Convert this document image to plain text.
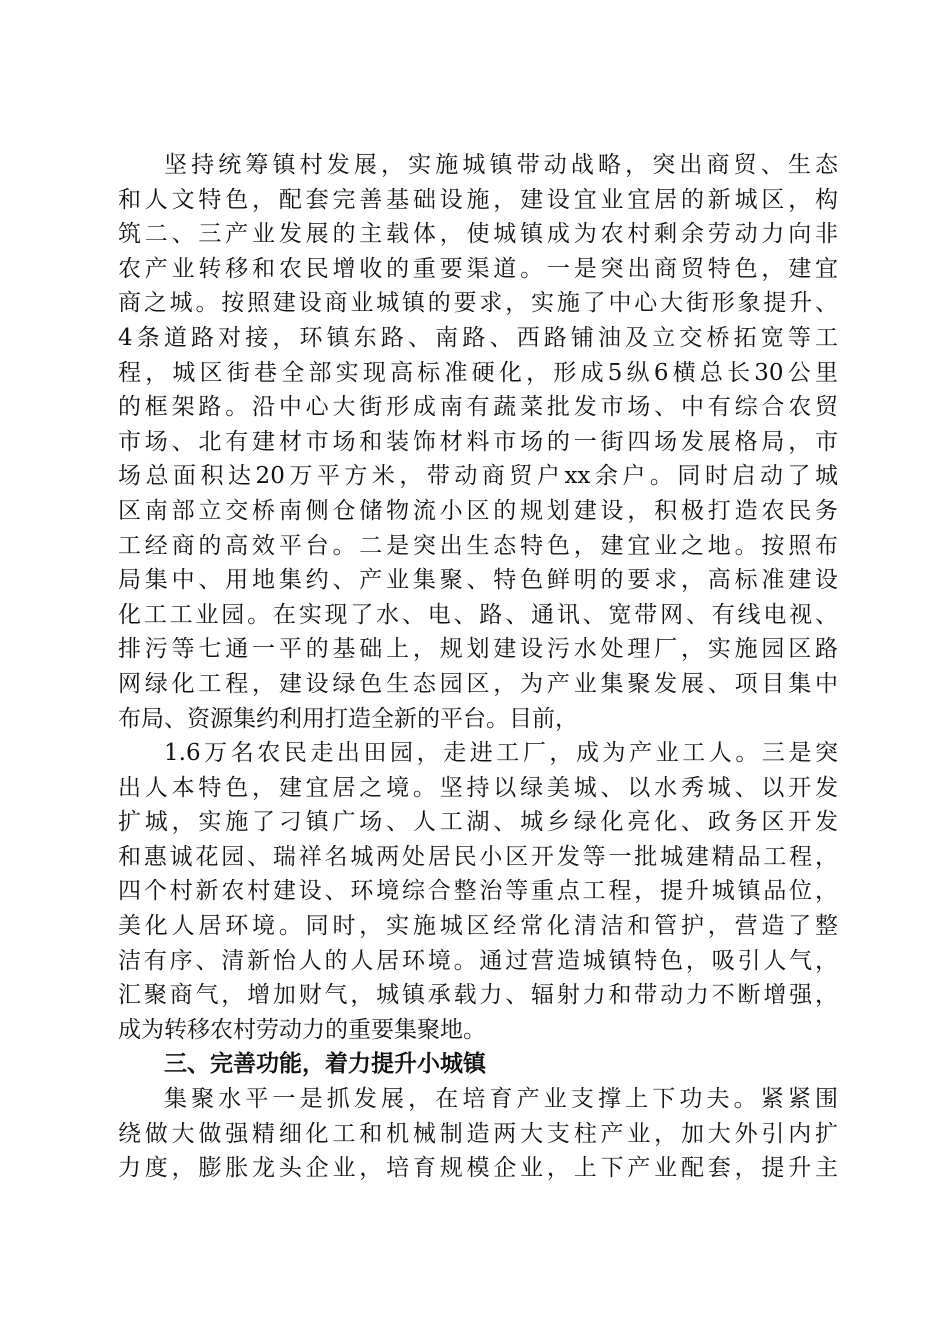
坚持统筹镇村发展，实施城镇带动战略，突出商贸、生态
和人文特色，配套完善基础设施，建设宜业宜居的新城区，构
筑二、三产业发展的主载体，使城镇成为农村剩余劳动力向非
农产业转移和农民增收的重要渠道。一是突出商贸特色，建宜
商之城。按照建设商业城镇的要求，实施了中心大街形象提升、
4条道路对接，环镇东路、南路、西路铺油及立交桥拓宽等工
程，城区街巷全部实现高标准硬化，形成5纵6横总长30公里
的框架路。沿中心大街形成南有蔬菜批发市场、中有综合农贸
市场、北有建材市场和装饰材料市场的一街四场发展格局，市
场总面积达20万平方米，带动商贸户xx余户。同时启动了城
区南部立交桥南侧仓储物流小区的规划建设，积极打造农民务
工经商的高效平台。二是突出生态特色，建宜业之地。按照布
局集中、用地集约、产业集聚、特色鲜明的要求，高标准建设
化工工业园。在实现了水、电、路、通讯、宽带网、有线电视、
排污等七通一平的基础上，规划建设污水处理厂，实施园区路
网绿化工程，建设绿色生态园区，为产业集聚发展、项目集中
布局、资源集约利用打造全新的平台。目前，
1.6万名农民走出田园，走进工厂，成为产业工人。三是突
出人本特色，建宜居之境。坚持以绿美城、以水秀城、以开发
扩城，实施了刁镇广场、人工湖、城乡绿化亮化、政务区开发
和惠诚花园、瑞祥名城两处居民小区开发等一批城建精品工程，
四个村新农村建设、环境综合整治等重点工程，提升城镇品位，
美化人居环境。同时，实施城区经常化清洁和管护，营造了整
洁有序、清新怡人的人居环境。通过营造城镇特色，吸引人气，
汇聚商气，增加财气，城镇承载力、辐射力和带动力不断增强，
成为转移农村劳动力的重要集聚地。
三、完善功能，着力提升小城镇
集聚水平一是抓发展，在培育产业支撑上下功夫。紧紧围
绕做大做强精细化工和机械制造两大支柱产业，加大外引内扩
力度，膨胀龙头企业，培育规模企业，上下产业配套，提升主
